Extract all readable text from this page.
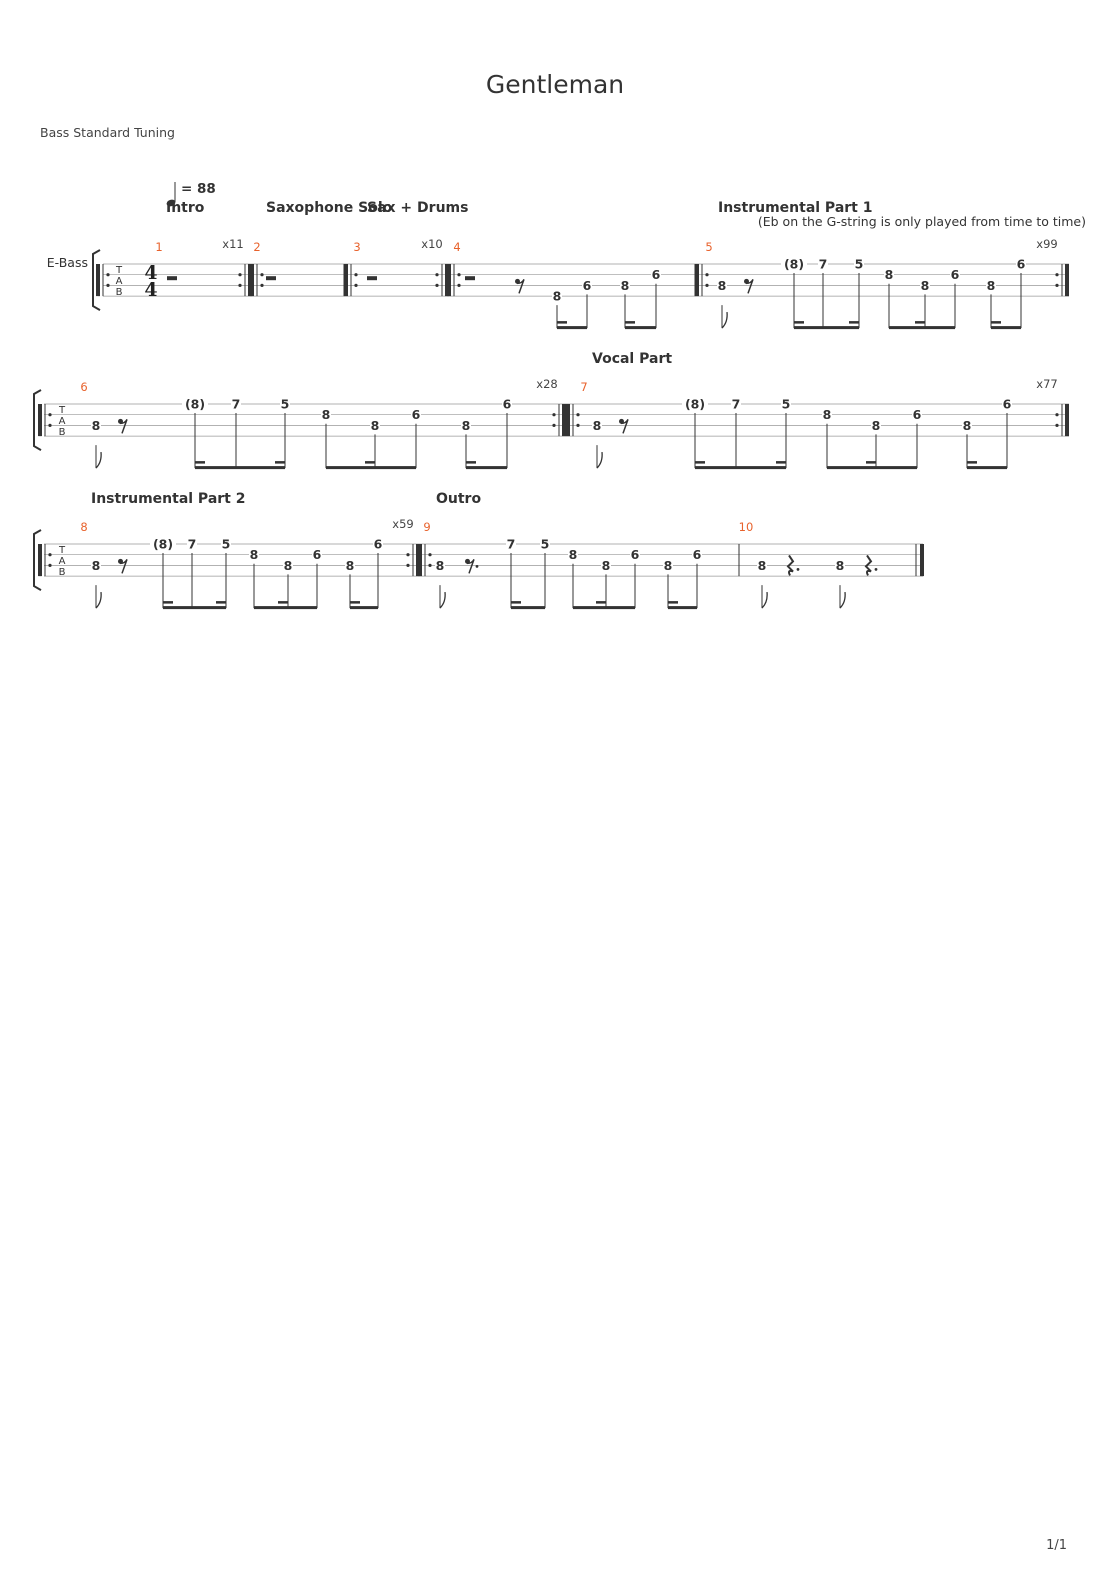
Gentleman
Bass Standard Tuning
1/1
T
A
B
T
A
B
T
A
B
E-Bass	4
4
= 88
Intro	Saxophone Solo
Sax + Drums	Instrumental Part 1
Vocal Part
Instrumental Part 2	Outro
(Eb on the G-string is only played from time to time)
1	2	3	4	5
6	7
8	9	10
x11	x10	x99
x28	x77
x59
8
(8) 7 5
8
8
6
8
6
8
(8) 7	5
8
8
6
8
6
8
(8) 7	5
8
8
6
8
6
8
(8) 7 5
8
8
6
8
6
8
6 8
6
8
7 5
8
8
6
8
6
8	8
